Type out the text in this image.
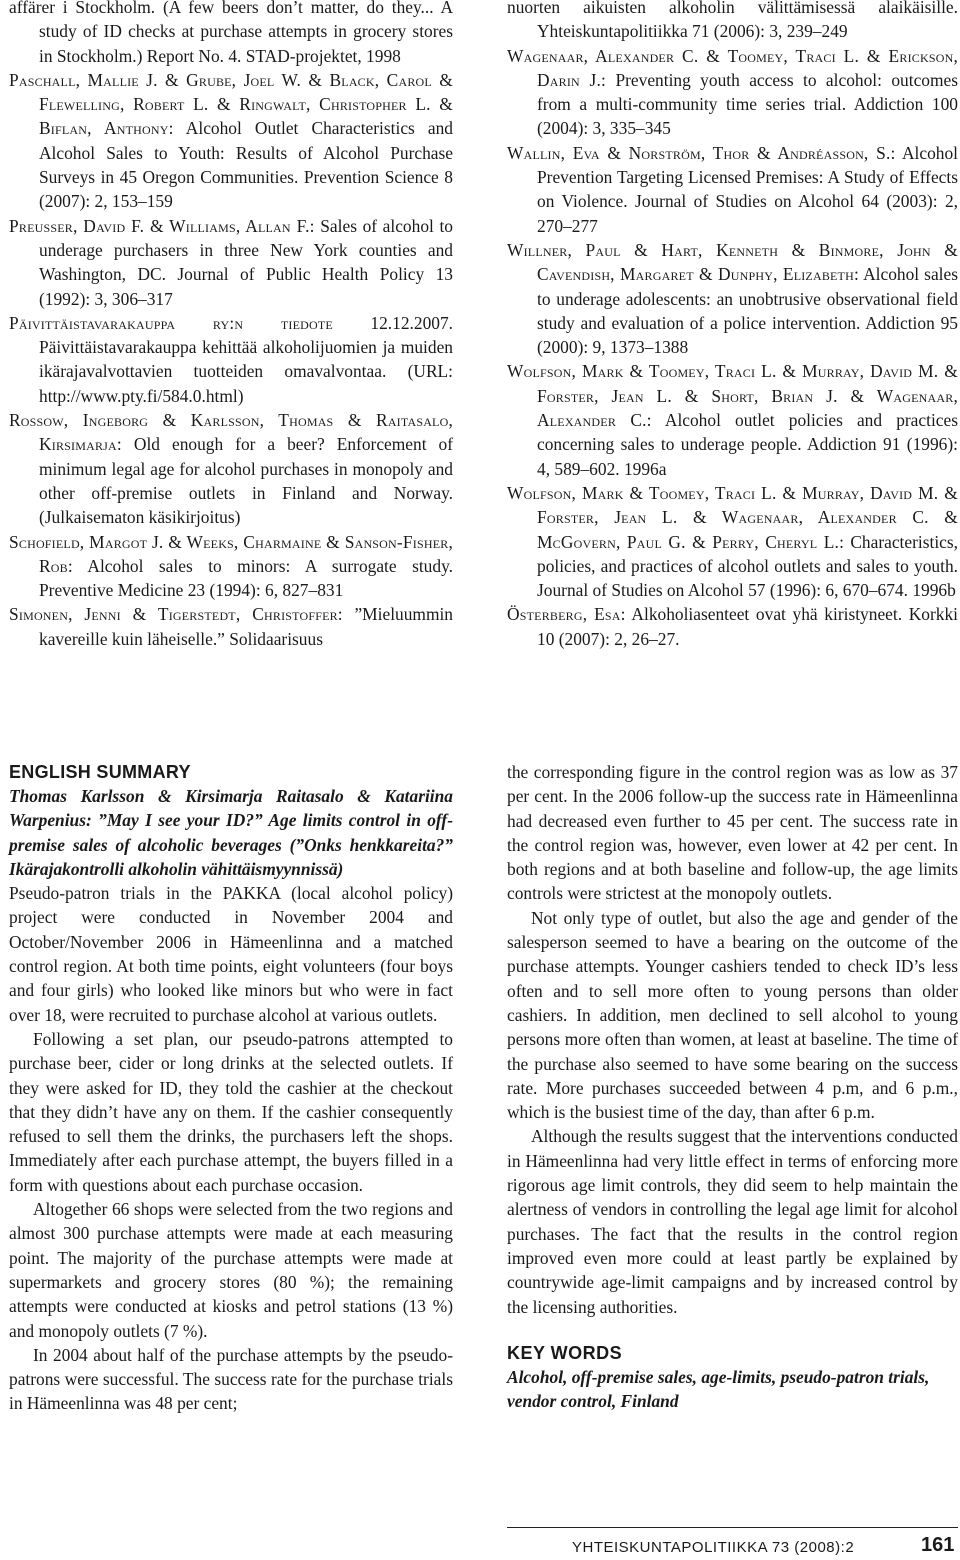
affärer i Stockholm. (A few beers don’t matter, do they... A study of ID checks at purchase attempts in grocery stores in Stockholm.) Report No. 4. STAD-projektet, 1998

Paschall, Mallie J. & Grube, Joel W. & Black, Carol & Flewelling, Robert L. & Ringwalt, Christopher L. & Biflan, Anthony: Alcohol Outlet Characteristics and Alcohol Sales to Youth: Results of Alcohol Purchase Surveys in 45 Oregon Communities. Prevention Science 8 (2007): 2, 153–159

Preusser, David F. & Williams, Allan F.: Sales of alcohol to underage purchasers in three New York counties and Washington, DC. Journal of Public Health Policy 13 (1992): 3, 306–317

Päivittäistavarakauppa ry:n tiedote 12.12.2007. Päivittäistavarakauppa kehittää alkoholijuomien ja muiden ikärajavalvottavien tuotteiden omavalvontaa. (URL: http://www.pty.fi/584.0.html)

Rossow, Ingeborg & Karlsson, Thomas & Raitasalo, Kirsimarja: Old enough for a beer? Enforcement of minimum legal age for alcohol purchases in monopoly and other off-premise outlets in Finland and Norway. (Julkaisematon käsikirjoitus)

Schofield, Margot J. & Weeks, Charmaine & Sanson-Fisher, Rob: Alcohol sales to minors: A surrogate study. Preventive Medicine 23 (1994): 6, 827–831

Simonen, Jenni & Tigerstedt, Christoffer: ”Mieluummin kavereille kuin läheiselle.” Solidaarisuus

nuorten aikuisten alkoholin välittämisessä alaikäisille. Yhteiskuntapolitiikka 71 (2006): 3, 239–249

Wagenaar, Alexander C. & Toomey, Traci L. & Erickson, Darin J.: Preventing youth access to alcohol: outcomes from a multi-community time series trial. Addiction 100 (2004): 3, 335–345

Wallin, Eva & Norström, Thor & Andréasson, S.: Alcohol Prevention Targeting Licensed Premises: A Study of Effects on Violence. Journal of Studies on Alcohol 64 (2003): 2, 270–277

Willner, Paul & Hart, Kenneth & Binmore, John & Cavendish, Margaret & Dunphy, Elizabeth: Alcohol sales to underage adolescents: an unobtrusive observational field study and evaluation of a police intervention. Addiction 95 (2000): 9, 1373–1388

Wolfson, Mark & Toomey, Traci L. & Murray, David M. & Forster, Jean L. & Short, Brian J. & Wagenaar, Alexander C.: Alcohol outlet policies and practices concerning sales to underage people. Addiction 91 (1996): 4, 589–602. 1996a

Wolfson, Mark & Toomey, Traci L. & Murray, David M. & Forster, Jean L. & Wagenaar, Alexander C. & McGovern, Paul G. & Perry, Cheryl L.: Characteristics, policies, and practices of alcohol outlets and sales to youth. Journal of Studies on Alcohol 57 (1996): 6, 670–674. 1996b

Österberg, Esa: Alkoholiasenteet ovat yhä kiristyneet. Korkki 10 (2007): 2, 26–27.

ENGLISH SUMMARY

Thomas Karlsson & Kirsimarja Raitasalo & Katariina Warpenius: ”May I see your ID?” Age limits control in off-premise sales of alcoholic beverages (”Onks henkkareita?” Ikärajakontrolli alkoholin vähittäismyynnissä)

Pseudo-patron trials in the PAKKA (local alcohol policy) project were conducted in November 2004 and October/November 2006 in Hämeenlinna and a matched control region. At both time points, eight volunteers (four boys and four girls) who looked like minors but who were in fact over 18, were recruited to purchase alcohol at various outlets.

Following a set plan, our pseudo-patrons attempted to purchase beer, cider or long drinks at the selected outlets. If they were asked for ID, they told the cashier at the checkout that they didn’t have any on them. If the cashier consequently refused to sell them the drinks, the purchasers left the shops. Immediately after each purchase attempt, the buyers filled in a form with questions about each purchase occasion.

Altogether 66 shops were selected from the two regions and almost 300 purchase attempts were made at each measuring point. The majority of the purchase attempts were made at supermarkets and grocery stores (80 %); the remaining attempts were conducted at kiosks and petrol stations (13 %) and monopoly outlets (7 %).

In 2004 about half of the purchase attempts by the pseudo-patrons were successful. The success rate for the purchase trials in Hämeenlinna was 48 per cent;

the corresponding figure in the control region was as low as 37 per cent. In the 2006 follow-up the success rate in Hämeenlinna had decreased even further to 45 per cent. The success rate in the control region was, however, even lower at 42 per cent. In both regions and at both baseline and follow-up, the age limits controls were strictest at the monopoly outlets.

Not only type of outlet, but also the age and gender of the salesperson seemed to have a bearing on the outcome of the purchase attempts. Younger cashiers tended to check ID’s less often and to sell more often to young persons than older cashiers. In addition, men declined to sell alcohol to young persons more often than women, at least at baseline. The time of the purchase also seemed to have some bearing on the success rate. More purchases succeeded between 4 p.m, and 6 p.m., which is the busiest time of the day, than after 6 p.m.

Although the results suggest that the interventions conducted in Hämeenlinna had very little effect in terms of enforcing more rigorous age limit controls, they did seem to help maintain the alertness of vendors in controlling the legal age limit for alcohol purchases. The fact that the results in the control region improved even more could at least partly be explained by countrywide age-limit campaigns and by increased control by the licensing authorities.

KEY WORDS

Alcohol, off-premise sales, age-limits, pseudo-patron trials, vendor control, Finland

YHTEISKUNTAPOLITIIKKA 73 (2008):2	161
